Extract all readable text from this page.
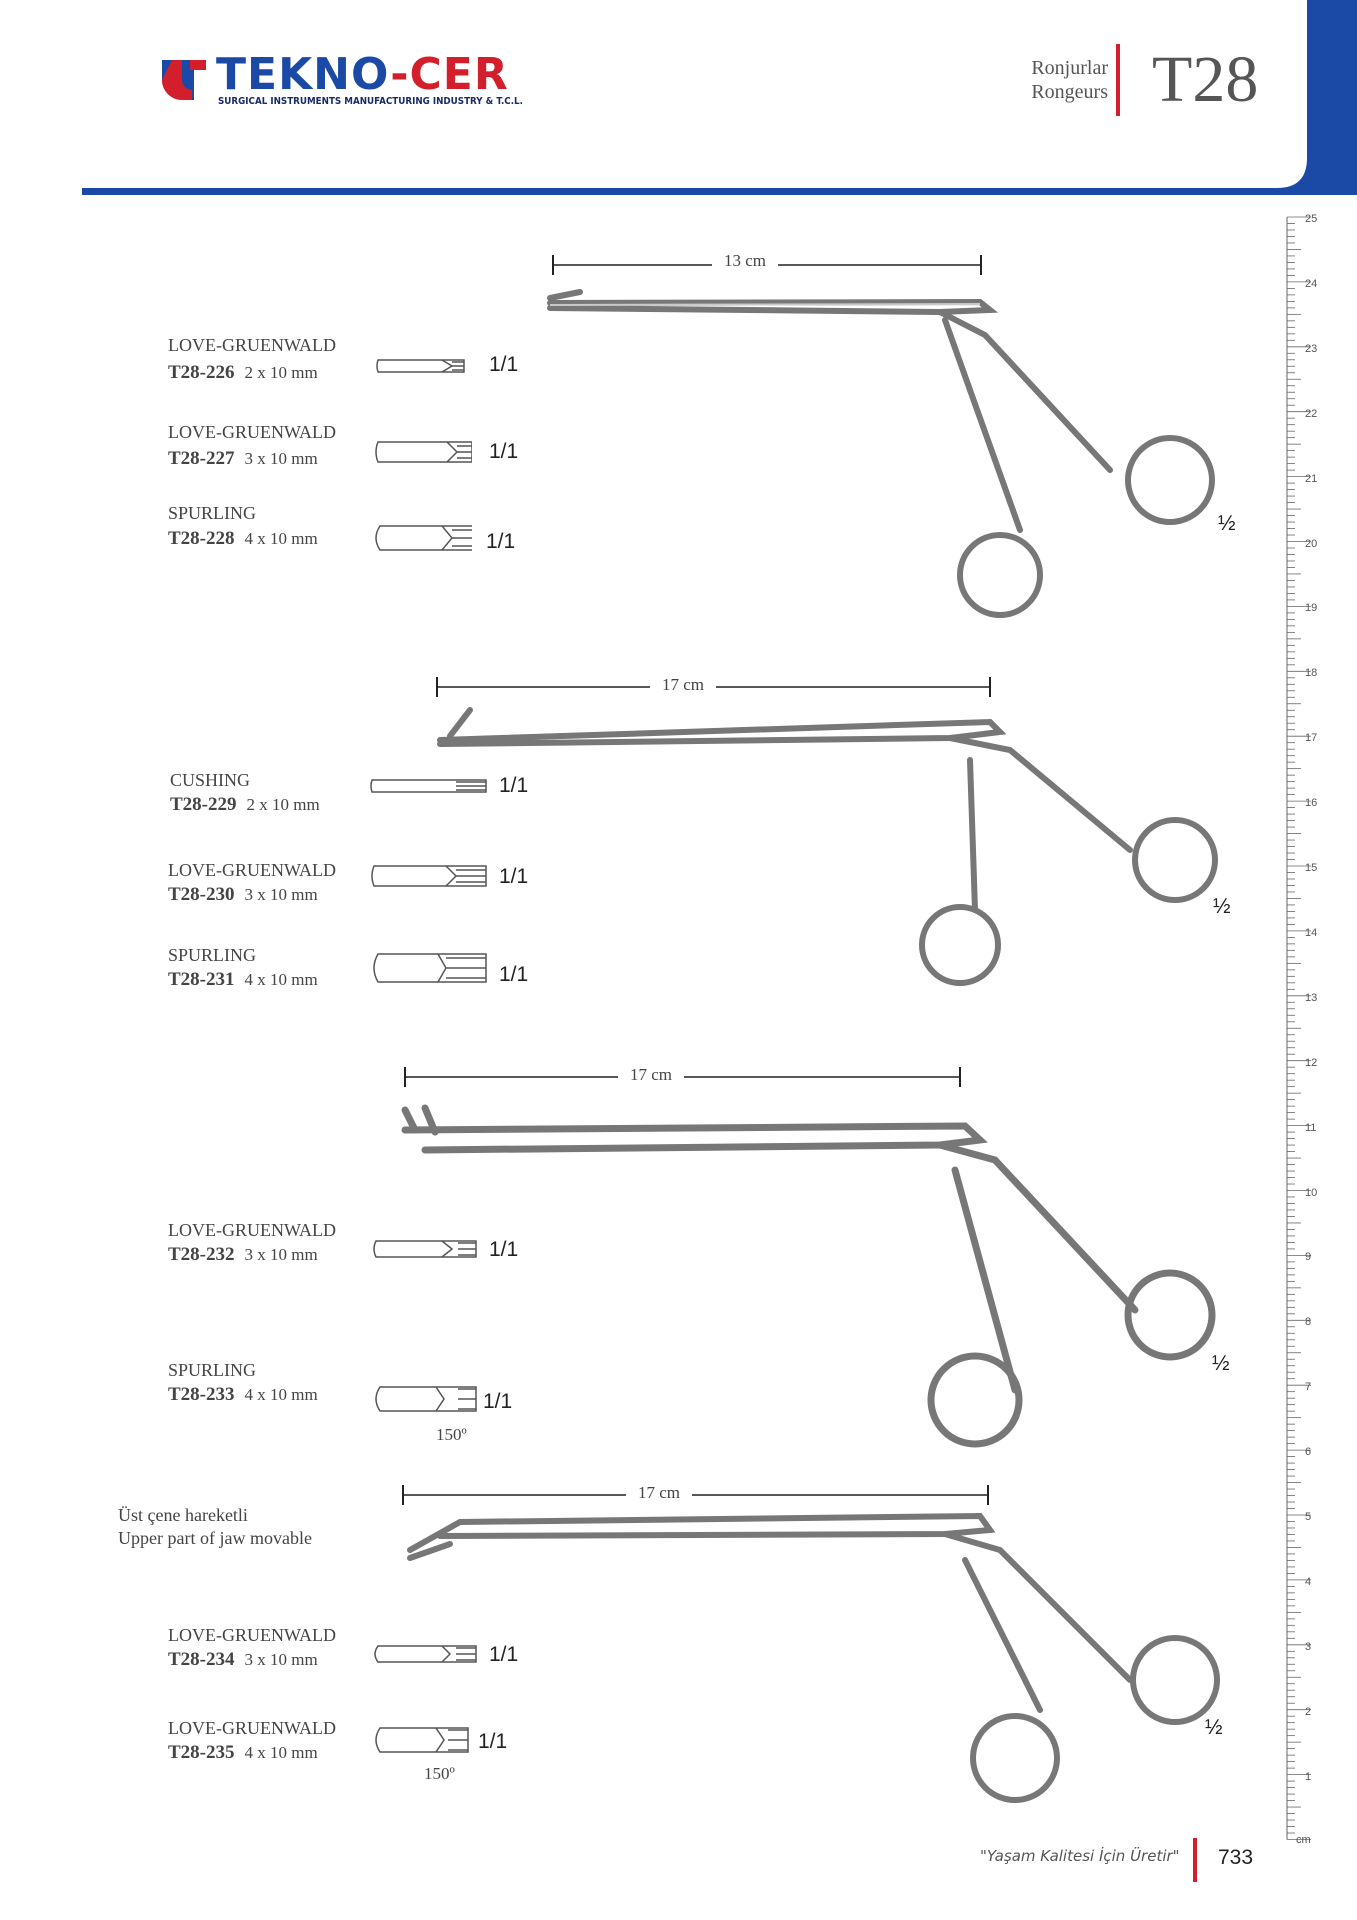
TEKNO-CER
SURGICAL INSTRUMENTS MANUFACTURING INDUSTRY & T.C.L.
Ronjurlar
Rongeurs T28
LOVE-GRUENWALD
T28-226 2 x 10 mm
LOVE-GRUENWALD
T28-227 3 x 10 mm
SPURLING
T28-228 4 x 10 mm
1/1
1/1
1/1
13 cm
½
CUSHING
T28-229 2 x 10 mm
LOVE-GRUENWALD
T28-230 3 x 10 mm
SPURLING
T28-231 4 x 10 mm
1/1
1/1
1/1
17 cm
½
LOVE-GRUENWALD
T28-232 3 x 10 mm
SPURLING
T28-233 4 x 10 mm
1/1
1/1
150º
17 cm
½
Üst çene hareketli
Upper part of jaw movable
LOVE-GRUENWALD
T28-234 3 x 10 mm
LOVE-GRUENWALD
T28-235 4 x 10 mm
1/1
1/1
150º
17 cm
½
25
24
23
22
21
20
19
18
17
16
15
14
13
12
11
10
9
8
7
6
5
4
3
2
1
cm
"Yaşam Kalitesi İçin Üretir" 733
